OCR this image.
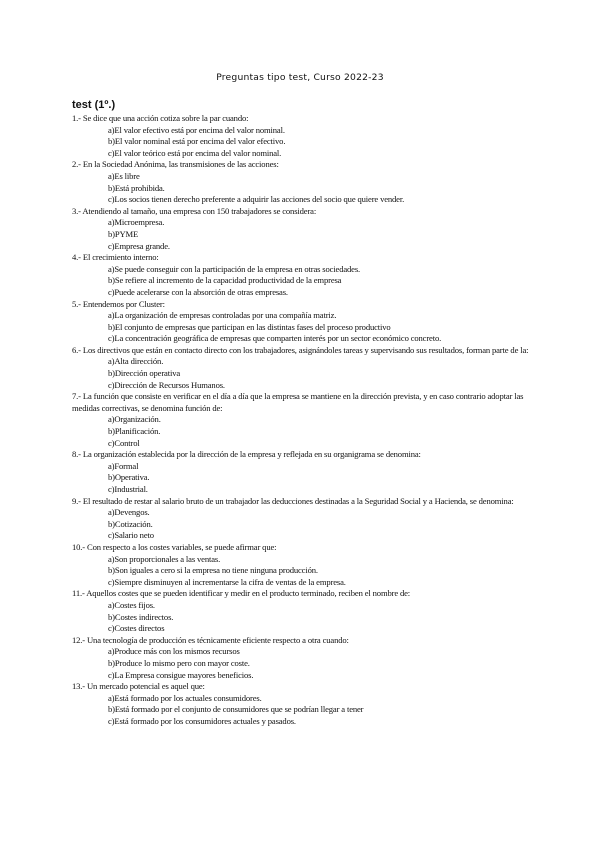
Preguntas tipo test, Curso 2022-23
test (1º.)
1.- Se dice que una acción cotiza sobre la par cuando:
a)El valor efectivo está por encima del valor nominal.
b)El valor nominal está por encima del valor efectivo.
c)El valor teórico está por encima del valor nominal.
2.- En la Sociedad Anónima, las transmisiones de las acciones:
a)Es libre
b)Está prohibida.
c)Los socios tienen derecho preferente a adquirir las acciones del socio que quiere vender.
3.- Atendiendo al tamaño, una empresa con 150 trabajadores se considera:
a)Microempresa.
b)PYME
c)Empresa grande.
4.- El crecimiento interno:
a)Se puede conseguir con la participación de la empresa en otras sociedades.
b)Se refiere al incremento de la capacidad productividad de la empresa
c)Puede acelerarse con la absorción de otras empresas.
5.- Entendemos por Cluster:
a)La organización de empresas controladas por una compañía matriz.
b)El conjunto de empresas que participan en las distintas fases del proceso productivo
c)La concentración geográfica de empresas que comparten interés por un sector económico concreto.
6.- Los directivos que están en contacto directo con los trabajadores, asignándoles tareas y supervisando sus resultados, forman parte de la:
a)Alta dirección.
b)Dirección operativa
c)Dirección de Recursos Humanos.
7.- La función que consiste en verificar en el día a día que la empresa se mantiene en la dirección prevista, y en caso contrario adoptar las medidas correctivas, se denomina función de:
a)Organización.
b)Planificación.
c)Control
8.- La organización establecida por la dirección de la empresa y reflejada en su organigrama se denomina:
a)Formal
b)Operativa.
c)Industrial.
9.- El resultado de restar al salario bruto de un trabajador las deducciones destinadas a la Seguridad Social y a Hacienda, se denomina:
a)Devengos.
b)Cotización.
c)Salario neto
10.- Con respecto a los costes variables, se puede afirmar que:
a)Son proporcionales a las ventas.
b)Son iguales a cero si la empresa no tiene ninguna producción.
c)Siempre disminuyen al incrementarse la cifra de ventas de la empresa.
11.- Aquellos costes que se pueden identificar y medir en el producto terminado, reciben el nombre de:
a)Costes fijos.
b)Costes indirectos.
c)Costes directos
12.- Una tecnología de producción es técnicamente eficiente respecto a otra cuando:
a)Produce más con los mismos recursos
b)Produce lo mismo pero con mayor coste.
c)La Empresa consigue mayores beneficios.
13.- Un mercado potencial es aquel que:
a)Está formado por los actuales consumidores.
b)Está formado por el conjunto de consumidores que se podrían llegar a tener
c)Está formado por los consumidores actuales y pasados.
